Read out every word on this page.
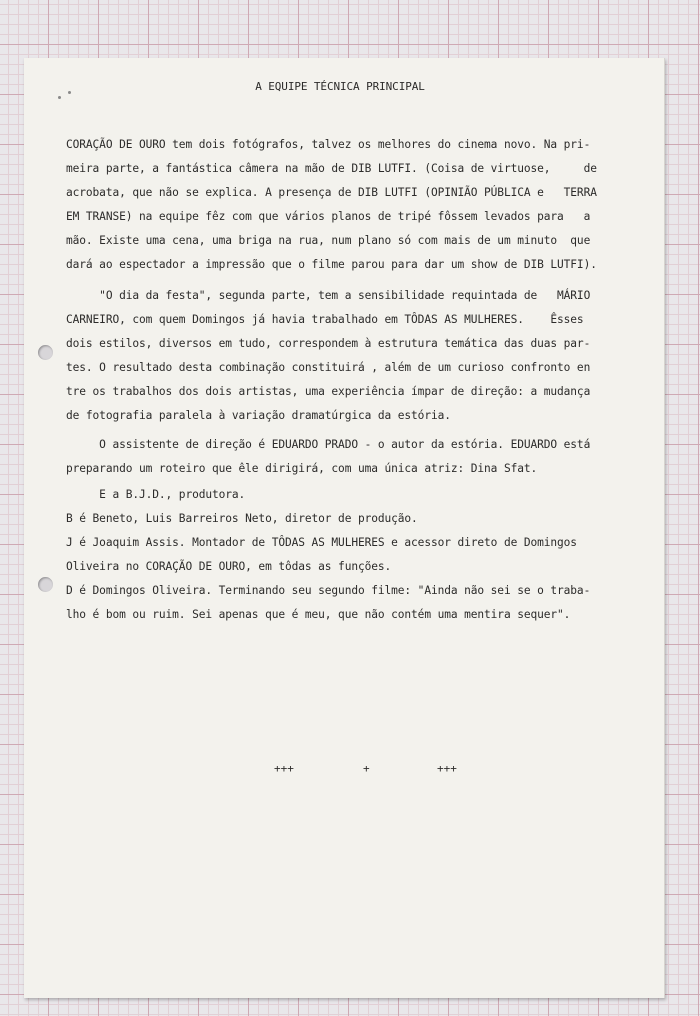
A EQUIPE TÉCNICA PRINCIPAL

CORAÇÃO DE OURO tem dois fotógrafos, talvez os melhores do cinema novo. Na pri-

meira parte, a fantástica câmera na mão de DIB LUTFI. (Coisa de virtuose,     de

acrobata, que não se explica. A presença de DIB LUTFI (OPINIÃO PÚBLICA e   TERRA

EM TRANSE) na equipe fêz com que vários planos de tripé fôssem levados para   a

mão. Existe uma cena, uma briga na rua, num plano só com mais de um minuto  que

dará ao espectador a impressão que o filme parou para dar um show de DIB LUTFI).

"O dia da festa", segunda parte, tem a sensibilidade requintada de   MÁRIO

CARNEIRO, com quem Domingos já havia trabalhado em TÔDAS AS MULHERES.    Êsses

dois estilos, diversos em tudo, correspondem à estrutura temática das duas par-

tes. O resultado desta combinação constituirá , além de um curioso confronto en

tre os trabalhos dos dois artistas, uma experiência ímpar de direção: a mudança

de fotografia paralela à variação dramatúrgica da estória.

O assistente de direção é EDUARDO PRADO - o autor da estória. EDUARDO está

preparando um roteiro que êle dirigirá, com uma única atriz: Dina Sfat.

E a B.J.D., produtora.

B é Beneto, Luis Barreiros Neto, diretor de produção.

J é Joaquim Assis. Montador de TÔDAS AS MULHERES e acessor direto de Domingos

Oliveira no CORAÇÃO DE OURO, em tôdas as funções.

D é Domingos Oliveira. Terminando seu segundo filme: "Ainda não sei se o traba-

lho é bom ou ruim. Sei apenas que é meu, que não contém uma mentira sequer".

+++	+	+++
